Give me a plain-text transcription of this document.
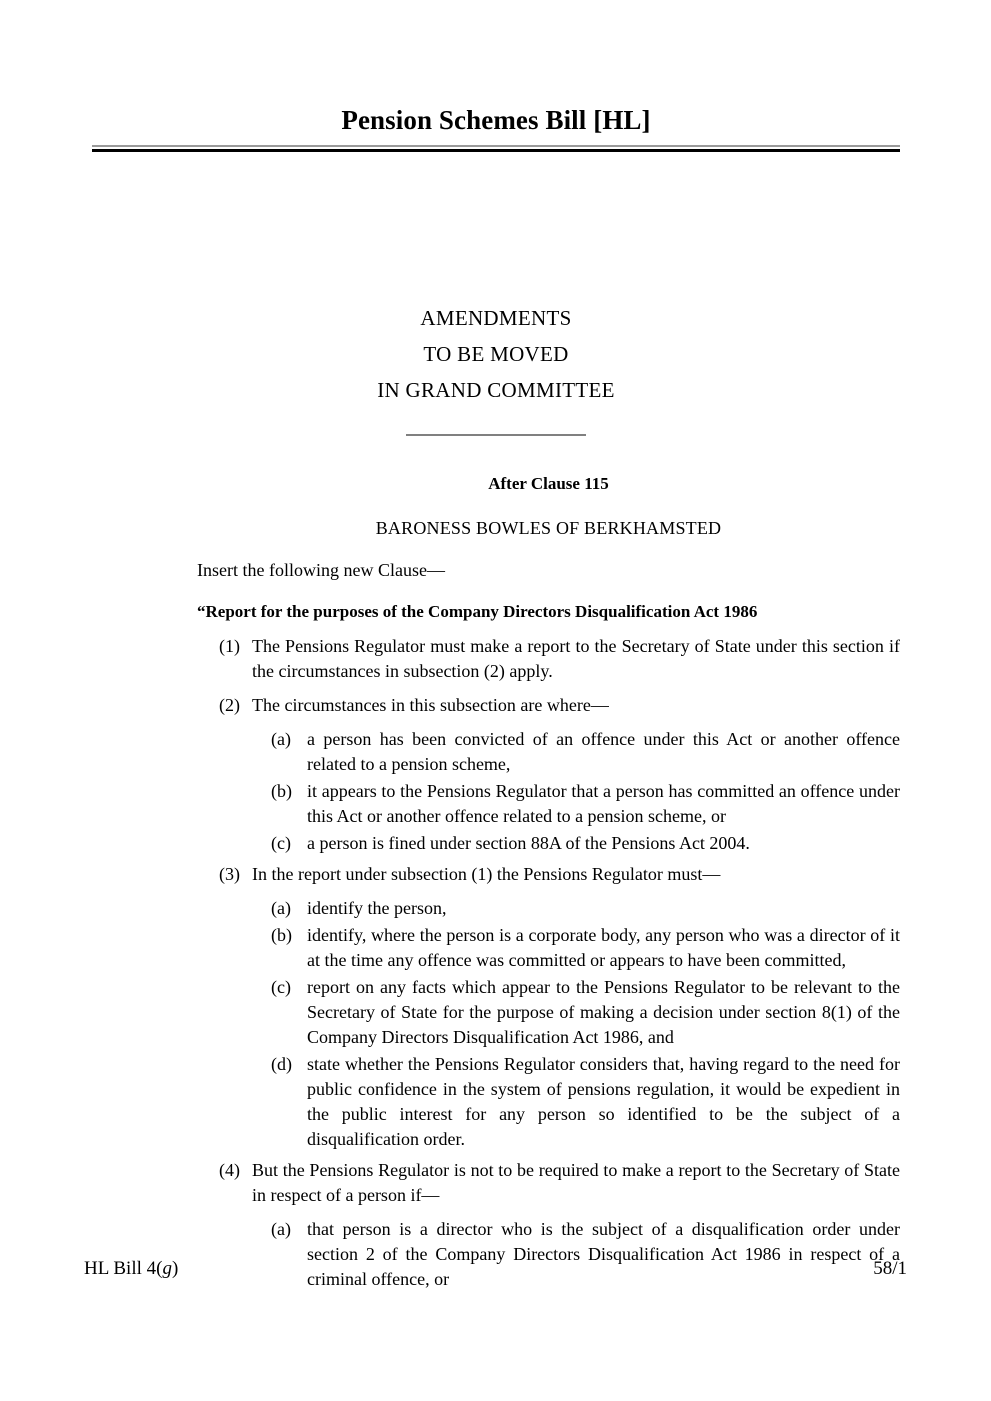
Pension Schemes Bill [HL]
AMENDMENTS
TO BE MOVED
IN GRAND COMMITTEE
After Clause 115
BARONESS BOWLES OF BERKHAMSTED
Insert the following new Clause—
“Report for the purposes of the Company Directors Disqualification Act 1986
(1) The Pensions Regulator must make a report to the Secretary of State under this section if the circumstances in subsection (2) apply.
(2) The circumstances in this subsection are where—
(a) a person has been convicted of an offence under this Act or another offence related to a pension scheme,
(b) it appears to the Pensions Regulator that a person has committed an offence under this Act or another offence related to a pension scheme, or
(c) a person is fined under section 88A of the Pensions Act 2004.
(3) In the report under subsection (1) the Pensions Regulator must—
(a) identify the person,
(b) identify, where the person is a corporate body, any person who was a director of it at the time any offence was committed or appears to have been committed,
(c) report on any facts which appear to the Pensions Regulator to be relevant to the Secretary of State for the purpose of making a decision under section 8(1) of the Company Directors Disqualification Act 1986, and
(d) state whether the Pensions Regulator considers that, having regard to the need for public confidence in the system of pensions regulation, it would be expedient in the public interest for any person so identified to be the subject of a disqualification order.
(4) But the Pensions Regulator is not to be required to make a report to the Secretary of State in respect of a person if—
(a) that person is a director who is the subject of a disqualification order under section 2 of the Company Directors Disqualification Act 1986 in respect of a criminal offence, or
HL Bill 4(g)	58/1
